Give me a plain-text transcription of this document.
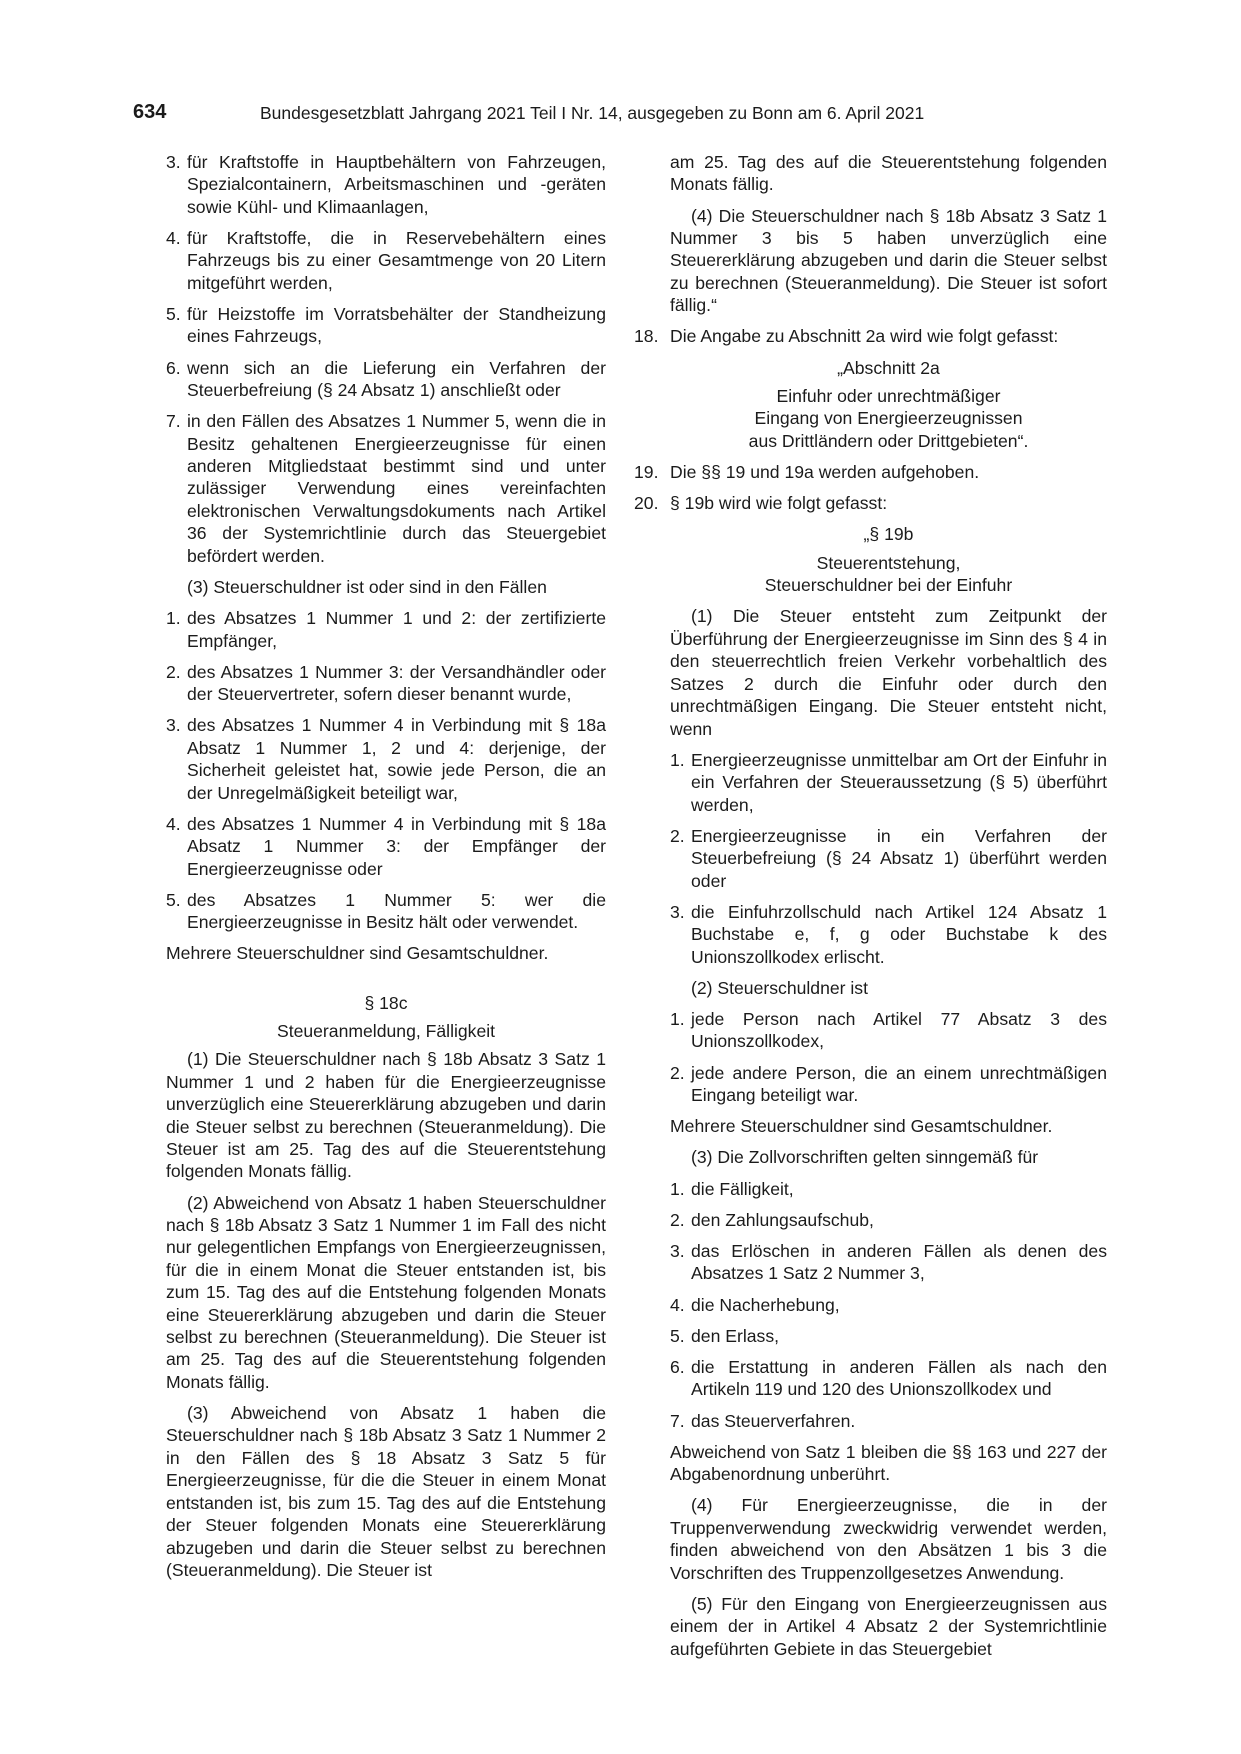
634	Bundesgesetzblatt Jahrgang 2021 Teil I Nr. 14, ausgegeben zu Bonn am 6. April 2021
3. für Kraftstoffe in Hauptbehältern von Fahrzeugen, Spezialcontainern, Arbeitsmaschinen und -geräten sowie Kühl- und Klimaanlagen,
4. für Kraftstoffe, die in Reservebehältern eines Fahrzeugs bis zu einer Gesamtmenge von 20 Litern mitgeführt werden,
5. für Heizstoffe im Vorratsbehälter der Standheizung eines Fahrzeugs,
6. wenn sich an die Lieferung ein Verfahren der Steuerbefreiung (§ 24 Absatz 1) anschließt oder
7. in den Fällen des Absatzes 1 Nummer 5, wenn die in Besitz gehaltenen Energieerzeugnisse für einen anderen Mitgliedstaat bestimmt sind und unter zulässiger Verwendung eines vereinfachten elektronischen Verwaltungsdokuments nach Artikel 36 der Systemrichtlinie durch das Steuergebiet befördert werden.

(3) Steuerschuldner ist oder sind in den Fällen

1. des Absatzes 1 Nummer 1 und 2: der zertifizierte Empfänger,
2. des Absatzes 1 Nummer 3: der Versandhändler oder der Steuervertreter, sofern dieser benannt wurde,
3. des Absatzes 1 Nummer 4 in Verbindung mit § 18a Absatz 1 Nummer 1, 2 und 4: derjenige, der Sicherheit geleistet hat, sowie jede Person, die an der Unregelmäßigkeit beteiligt war,
4. des Absatzes 1 Nummer 4 in Verbindung mit § 18a Absatz 1 Nummer 3: der Empfänger der Energieerzeugnisse oder
5. des Absatzes 1 Nummer 5: wer die Energieerzeugnisse in Besitz hält oder verwendet.

Mehrere Steuerschuldner sind Gesamtschuldner.

§ 18c

Steueranmeldung, Fälligkeit

(1) Die Steuerschuldner nach § 18b Absatz 3 Satz 1 Nummer 1 und 2 haben für die Energieerzeugnisse unverzüglich eine Steuererklärung abzugeben und darin die Steuer selbst zu berechnen (Steueranmeldung). Die Steuer ist am 25. Tag des auf die Steuerentstehung folgenden Monats fällig.

(2) Abweichend von Absatz 1 haben Steuerschuldner nach § 18b Absatz 3 Satz 1 Nummer 1 im Fall des nicht nur gelegentlichen Empfangs von Energieerzeugnissen, für die in einem Monat die Steuer entstanden ist, bis zum 15. Tag des auf die Entstehung folgenden Monats eine Steuererklärung abzugeben und darin die Steuer selbst zu berechnen (Steueranmeldung). Die Steuer ist am 25. Tag des auf die Steuerentstehung folgenden Monats fällig.

(3) Abweichend von Absatz 1 haben die Steuerschuldner nach § 18b Absatz 3 Satz 1 Nummer 2 in den Fällen des § 18 Absatz 3 Satz 5 für Energieerzeugnisse, für die die Steuer in einem Monat entstanden ist, bis zum 15. Tag des auf die Entstehung der Steuer folgenden Monats eine Steuererklärung abzugeben und darin die Steuer selbst zu berechnen (Steueranmeldung). Die Steuer ist

am 25. Tag des auf die Steuerentstehung folgenden Monats fällig.

(4) Die Steuerschuldner nach § 18b Absatz 3 Satz 1 Nummer 3 bis 5 haben unverzüglich eine Steuererklärung abzugeben und darin die Steuer selbst zu berechnen (Steueranmeldung). Die Steuer ist sofort fällig.“

18. Die Angabe zu Abschnitt 2a wird wie folgt gefasst:

„Abschnitt 2a

Einfuhr oder unrechtmäßiger
Eingang von Energieerzeugnissen
aus Drittländern oder Drittgebieten“.
19. Die §§ 19 und 19a werden aufgehoben.
20. § 19b wird wie folgt gefasst:

„§ 19b

Steuerentstehung,
Steuerschuldner bei der Einfuhr

(1) Die Steuer entsteht zum Zeitpunkt der Überführung der Energieerzeugnisse im Sinn des § 4 in den steuerrechtlich freien Verkehr vorbehaltlich des Satzes 2 durch die Einfuhr oder durch den unrechtmäßigen Eingang. Die Steuer entsteht nicht, wenn

1. Energieerzeugnisse unmittelbar am Ort der Einfuhr in ein Verfahren der Steueraussetzung (§ 5) überführt werden,
2. Energieerzeugnisse in ein Verfahren der Steuerbefreiung (§ 24 Absatz 1) überführt werden oder
3. die Einfuhrzollschuld nach Artikel 124 Absatz 1 Buchstabe e, f, g oder Buchstabe k des Unionszollkodex erlischt.

(2) Steuerschuldner ist

1. jede Person nach Artikel 77 Absatz 3 des Unionszollkodex,
2. jede andere Person, die an einem unrechtmäßigen Eingang beteiligt war.

Mehrere Steuerschuldner sind Gesamtschuldner.

(3) Die Zollvorschriften gelten sinngemäß für

1. die Fälligkeit,
2. den Zahlungsaufschub,
3. das Erlöschen in anderen Fällen als denen des Absatzes 1 Satz 2 Nummer 3,
4. die Nacherhebung,
5. den Erlass,
6. die Erstattung in anderen Fällen als nach den Artikeln 119 und 120 des Unionszollkodex und
7. das Steuerverfahren.

Abweichend von Satz 1 bleiben die §§ 163 und 227 der Abgabenordnung unberührt.

(4) Für Energieerzeugnisse, die in der Truppenverwendung zweckwidrig verwendet werden, finden abweichend von den Absätzen 1 bis 3 die Vorschriften des Truppenzollgesetzes Anwendung.

(5) Für den Eingang von Energieerzeugnissen aus einem der in Artikel 4 Absatz 2 der Systemrichtlinie aufgeführten Gebiete in das Steuergebiet
